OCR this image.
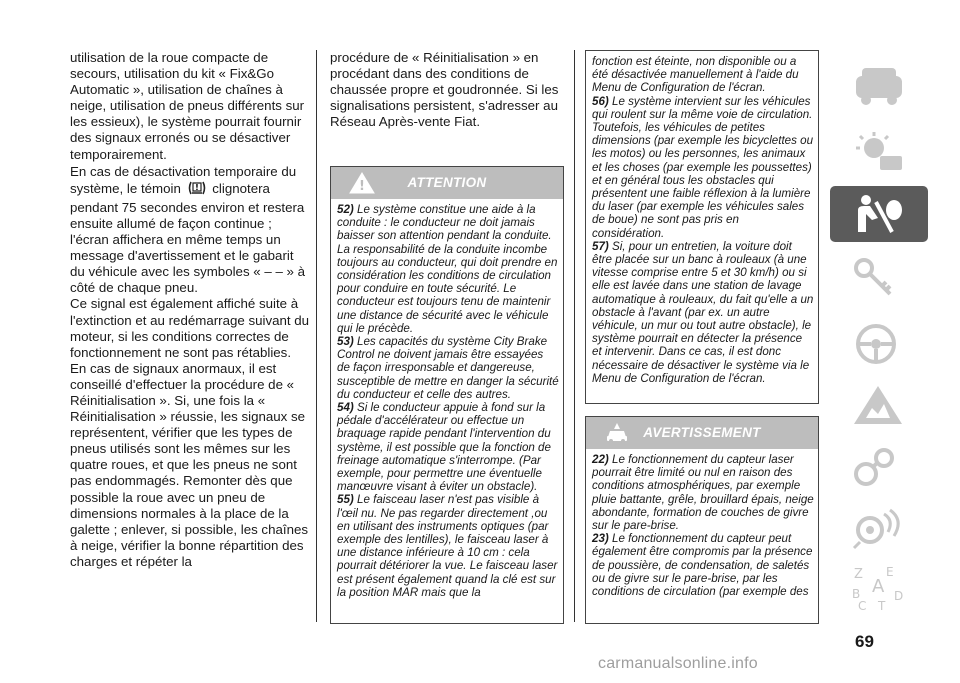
utilisation de la roue compacte de secours, utilisation du kit « Fix&Go Automatic », utilisation de chaînes à neige, utilisation de pneus différents sur les essieux), le système pourrait fournir des signaux erronés ou se désactiver temporairement.

En cas de désactivation temporaire du système, le témoin ! clignotera pendant 75 secondes environ et restera ensuite allumé de façon continue ; l'écran affichera en même temps un message d'avertissement et le gabarit du véhicule avec les symboles « – – » à côté de chaque pneu.

Ce signal est également affiché suite à l'extinction et au redémarrage suivant du moteur, si les conditions correctes de fonctionnement ne sont pas rétablies.

En cas de signaux anormaux, il est conseillé d'effectuer la procédure de « Réinitialisation ». Si, une fois la « Réinitialisation » réussie, les signaux se représentent, vérifier que les types de pneus utilisés sont les mêmes sur les quatre roues, et que les pneus ne sont pas endommagés. Remonter dès que possible la roue avec un pneu de dimensions normales à la place de la galette ; enlever, si possible, les chaînes à neige, vérifier la bonne répartition des charges et répéter la

procédure de « Réinitialisation » en procédant dans des conditions de chaussée propre et goudronnée. Si les signalisations persistent, s'adresser au Réseau Après-vente Fiat.

!	ATTENTION

52) Le système constitue une aide à la conduite : le conducteur ne doit jamais baisser son attention pendant la conduite. La responsabilité de la conduite incombe toujours au conducteur, qui doit prendre en considération les conditions de circulation pour conduire en toute sécurité. Le conducteur est toujours tenu de maintenir une distance de sécurité avec le véhicule qui le précède.

53) Les capacités du système City Brake Control ne doivent jamais être essayées de façon irresponsable et dangereuse, susceptible de mettre en danger la sécurité du conducteur et celle des autres.

54) Si le conducteur appuie à fond sur la pédale d'accélérateur ou effectue un braquage rapide pendant l'intervention du système, il est possible que la fonction de freinage automatique s'interrompe. (Par exemple, pour permettre une éventuelle manœuvre visant à éviter un obstacle).

55) Le faisceau laser n'est pas visible à l'œil nu. Ne pas regarder directement ,ou en utilisant des instruments optiques (par exemple des lentilles), le faisceau laser à une distance inférieure à 10 cm : cela pourrait détériorer la vue. Le faisceau laser est présent également quand la clé est sur la position MAR mais que la

fonction est éteinte, non disponible ou a été désactivée manuellement à l'aide du Menu de Configuration de l'écran.

56) Le système intervient sur les véhicules qui roulent sur la même voie de circulation. Toutefois, les véhicules de petites dimensions (par exemple les bicyclettes ou les motos) ou les personnes, les animaux et les choses (par exemple les poussettes) et en général tous les obstacles qui présentent une faible réflexion à la lumière du laser (par exemple les véhicules sales de boue) ne sont pas pris en considération.

57) Si, pour un entretien, la voiture doit être placée sur un banc à rouleaux (à une vitesse comprise entre 5 et 30 km/h) ou si elle est lavée dans une station de lavage automatique à rouleaux, du fait qu'elle a un obstacle à l'avant (par ex. un autre véhicule, un mur ou tout autre obstacle), le système pourrait en détecter la présence et intervenir. Dans ce cas, il est donc nécessaire de désactiver le système via le Menu de Configuration de l'écran.

AVERTISSEMENT

22) Le fonctionnement du capteur laser pourrait être limité ou nul en raison des conditions atmosphériques, par exemple pluie battante, grêle, brouillard épais, neige abondante, formation de couches de givre sur le pare-brise.

23) Le fonctionnement du capteur peut également être compromis par la présence de poussière, de condensation, de saletés ou de givre sur le pare-brise, par les conditions de circulation (par exemple des

Z E
A
B
C
D
T
69
carmanualsonline.info
